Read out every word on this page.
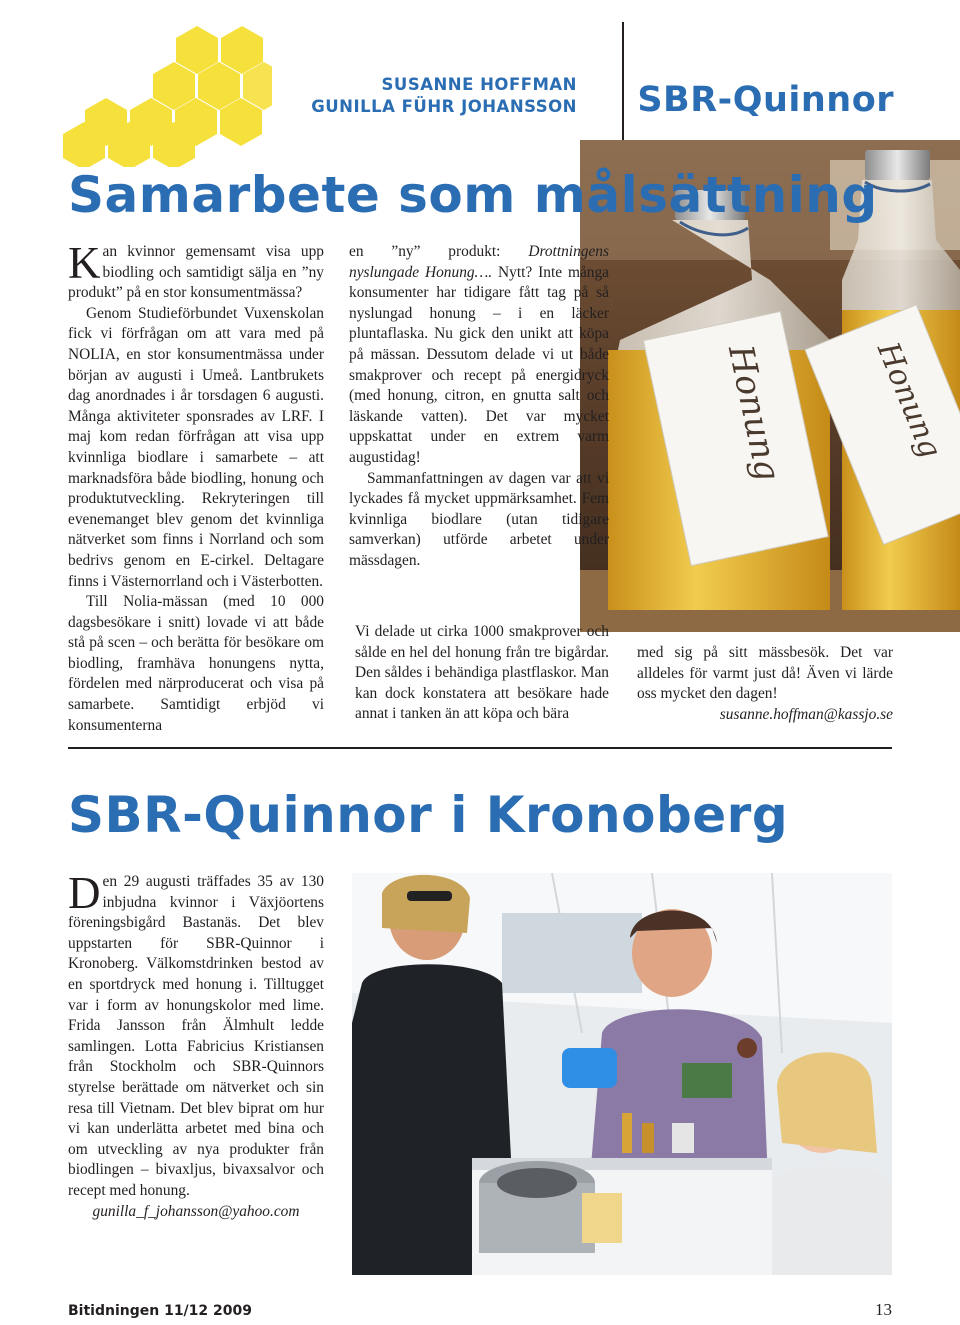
SUSANNE HOFFMAN
GUNILLA FÜHR JOHANSSON SBR-Quinnor
Honung	Honung
Samarbete som målsättning

Kan kvinnor gemensamt visa upp biodling och samtidigt sälja en ”ny produkt” på en stor konsumentmässa?

Genom Studieförbundet Vuxenskolan fick vi förfrågan om att vara med på NOLIA, en stor konsumentmässa under början av augusti i Umeå. Lantbrukets dag anordnades i år torsdagen 6 augusti. Många aktiviteter sponsrades av LRF. I maj kom redan förfrågan att visa upp kvinnliga biodlare i samarbete – att marknadsföra både biodling, honung och produktutveckling. Rekryteringen till evenemanget blev genom det kvinnliga nätverket som finns i Norrland och som bedrivs genom en E-cirkel. Deltagare finns i Västernorrland och i Västerbotten.

Till Nolia-mässan (med 10 000 dagsbesökare i snitt) lovade vi att både stå på scen – och berätta för besökare om biodling, framhäva honungens nytta, fördelen med närproducerat och visa på samarbete. Samtidigt erbjöd vi konsumenterna

en ”ny” produkt: Drottningens nyslungade Honung…. Nytt? Inte många konsumenter har tidigare fått tag på så nyslungad honung – i en läcker pluntaflaska. Nu gick den unikt att köpa på mässan. Dessutom delade vi ut både smakprover och recept på energidryck (med honung, citron, en gnutta salt och läskande vatten). Det var mycket uppskattat under en extrem varm augustidag!

Sammanfattningen av dagen var att vi lyckades få mycket uppmärksamhet. Fem kvinnliga biodlare (utan tidigare samverkan) utförde arbetet under mässdagen.

Vi delade ut cirka 1000 smakprover och sålde en hel del honung från tre bigårdar. Den såldes i behändiga plastflaskor. Man kan dock konstatera att besökare hade annat i tanken än att köpa och bära

med sig på sitt mässbesök. Det var alldeles för varmt just då! Även vi lärde oss mycket den dagen!

susanne.hoffman@kassjo.se

SBR-Quinnor i Kronoberg

Den 29 augusti träffades 35 av 130 inbjudna kvinnor i Växjöortens föreningsbigård Bastanäs. Det blev uppstarten för SBR-Quinnor i Kronoberg. Välkomstdrinken bestod av en sportdryck med honung i. Tilltugget var i form av honungskolor med lime. Frida Jansson från Älmhult ledde samlingen. Lotta Fabricius Kristiansen från Stockholm och SBR-Quinnors styrelse berättade om nätverket och sin resa till Vietnam. Det blev biprat om hur vi kan underlätta arbetet med bina och om utveckling av nya produkter från biodlingen – bivaxljus, bivaxsalvor och recept med honung.

gunilla_f_johansson@yahoo.com

Bitidningen 11/12 2009	13
